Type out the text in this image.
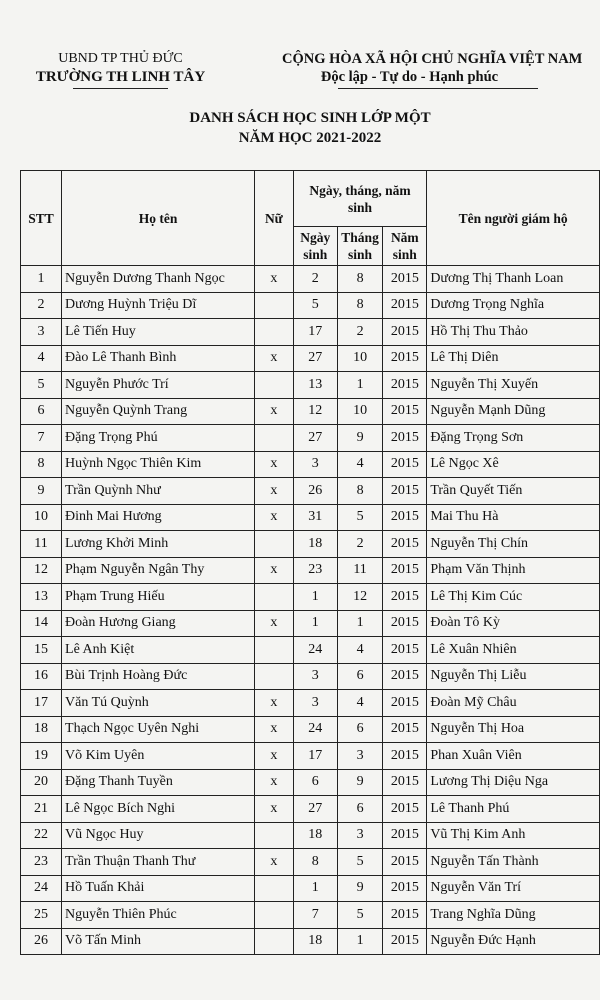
UBND TP THỦ ĐỨC
TRƯỜNG TH LINH TÂY
CỘNG HÒA XÃ HỘI CHỦ NGHĨA VIỆT NAM
Độc lập - Tự do - Hạnh phúc
DANH SÁCH HỌC SINH LỚP MỘT
NĂM HỌC 2021-2022
STT	Họ tên	Nữ	Ngày, tháng, năm sinh			Tên người giám hộ
			Ngày sinh	Tháng sinh	Năm sinh	
1	Nguyễn Dương Thanh Ngọc	x	2	8	2015	Dương Thị Thanh Loan
2	Dương Huỳnh Triệu Dĩ		5	8	2015	Dương Trọng Nghĩa
3	Lê Tiến Huy		17	2	2015	Hồ Thị Thu Thảo
4	Đào Lê Thanh Bình	x	27	10	2015	Lê Thị Diên
5	Nguyễn Phước Trí		13	1	2015	Nguyễn Thị Xuyến
6	Nguyễn Quỳnh Trang	x	12	10	2015	Nguyễn Mạnh Dũng
7	Đặng Trọng Phú		27	9	2015	Đặng Trọng Sơn
8	Huỳnh Ngọc Thiên Kim	x	3	4	2015	Lê Ngọc Xê
9	Trần Quỳnh Như	x	26	8	2015	Trần Quyết Tiến
10	Đinh Mai Hương	x	31	5	2015	Mai Thu Hà
11	Lương Khởi Minh		18	2	2015	Nguyễn Thị Chín
12	Phạm Nguyễn Ngân Thy	x	23	11	2015	Phạm Văn Thịnh
13	Phạm Trung Hiếu		1	12	2015	Lê Thị Kim Cúc
14	Đoàn Hương Giang	x	1	1	2015	Đoàn Tô Kỳ
15	Lê Anh Kiệt		24	4	2015	Lê Xuân Nhiên
16	Bùi Trịnh Hoàng Đức		3	6	2015	Nguyễn Thị Liễu
17	Văn Tú Quỳnh	x	3	4	2015	Đoàn Mỹ Châu
18	Thạch Ngọc Uyên Nghi	x	24	6	2015	Nguyễn Thị Hoa
19	Võ Kim Uyên	x	17	3	2015	Phan Xuân Viên
20	Đặng Thanh Tuyền	x	6	9	2015	Lương Thị Diệu Nga
21	Lê Ngọc Bích Nghi	x	27	6	2015	Lê Thanh Phú
22	Vũ Ngọc Huy		18	3	2015	Vũ Thị Kim Anh
23	Trần Thuận Thanh Thư	x	8	5	2015	Nguyễn Tấn Thành
24	Hồ Tuấn Khải		1	9	2015	Nguyễn Văn Trí
25	Nguyễn Thiên Phúc		7	5	2015	Trang Nghĩa Dũng
26	Võ Tấn Minh		18	1	2015	Nguyễn Đức Hạnh
